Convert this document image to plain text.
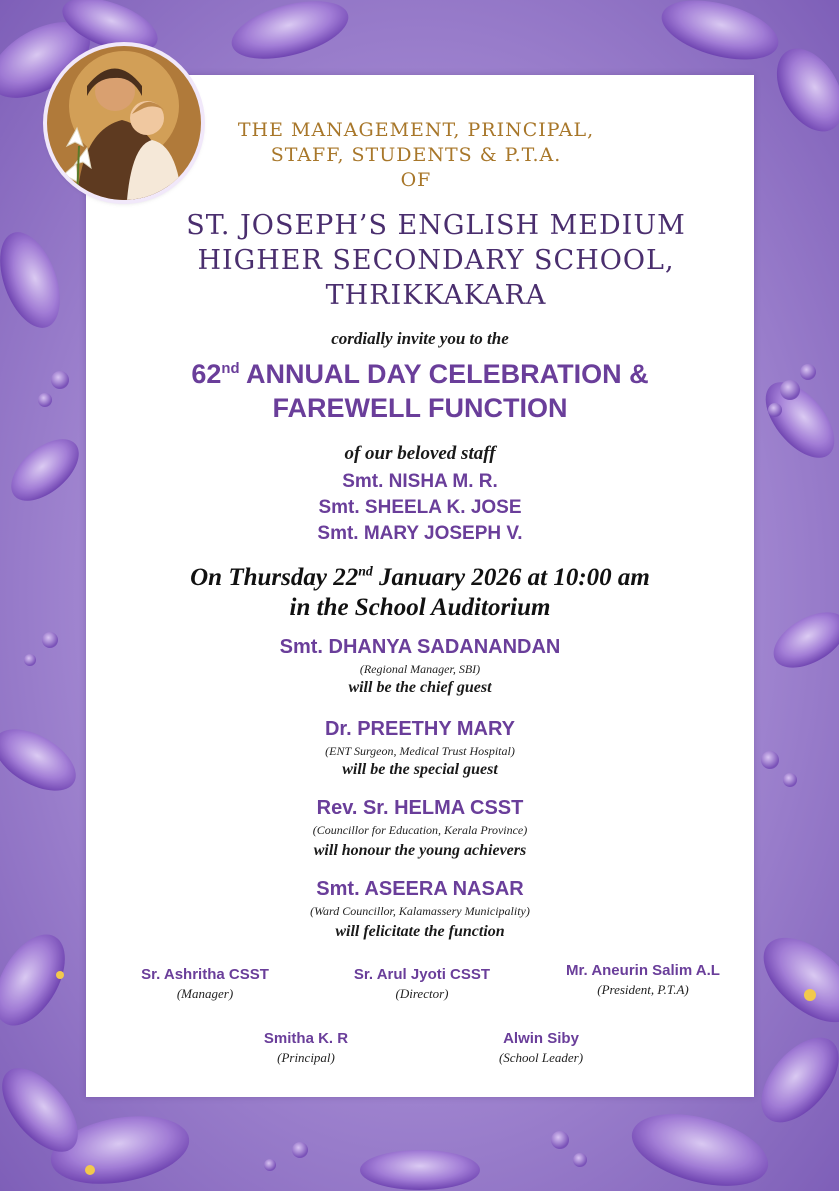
THE MANAGEMENT, PRINCIPAL,
STAFF, STUDENTS & P.T.A.
OF
ST. JOSEPH’S ENGLISH MEDIUM
HIGHER SECONDARY SCHOOL,
THRIKKAKARA
cordially invite you to the
62nd ANNUAL DAY CELEBRATION &
FAREWELL FUNCTION
of our beloved staff
Smt. NISHA M. R.
Smt. SHEELA K. JOSE
Smt. MARY JOSEPH V.
On Thursday 22nd January 2026 at 10:00 am
in the School Auditorium
Smt. DHANYA SADANANDAN
(Regional Manager, SBI)
will be the chief guest
Dr. PREETHY MARY
(ENT Surgeon, Medical Trust Hospital)
will be the special guest
Rev. Sr. HELMA CSST
(Councillor for Education, Kerala Province)
will honour the young achievers
Smt. ASEERA NASAR
(Ward Councillor, Kalamassery Municipality)
will felicitate the function
Sr. Ashritha CSST
(Manager)
Sr. Arul Jyoti CSST
(Director)
Mr. Aneurin Salim A.L
(President, P.T.A)
Smitha K. R
(Principal)
Alwin Siby
(School Leader)
